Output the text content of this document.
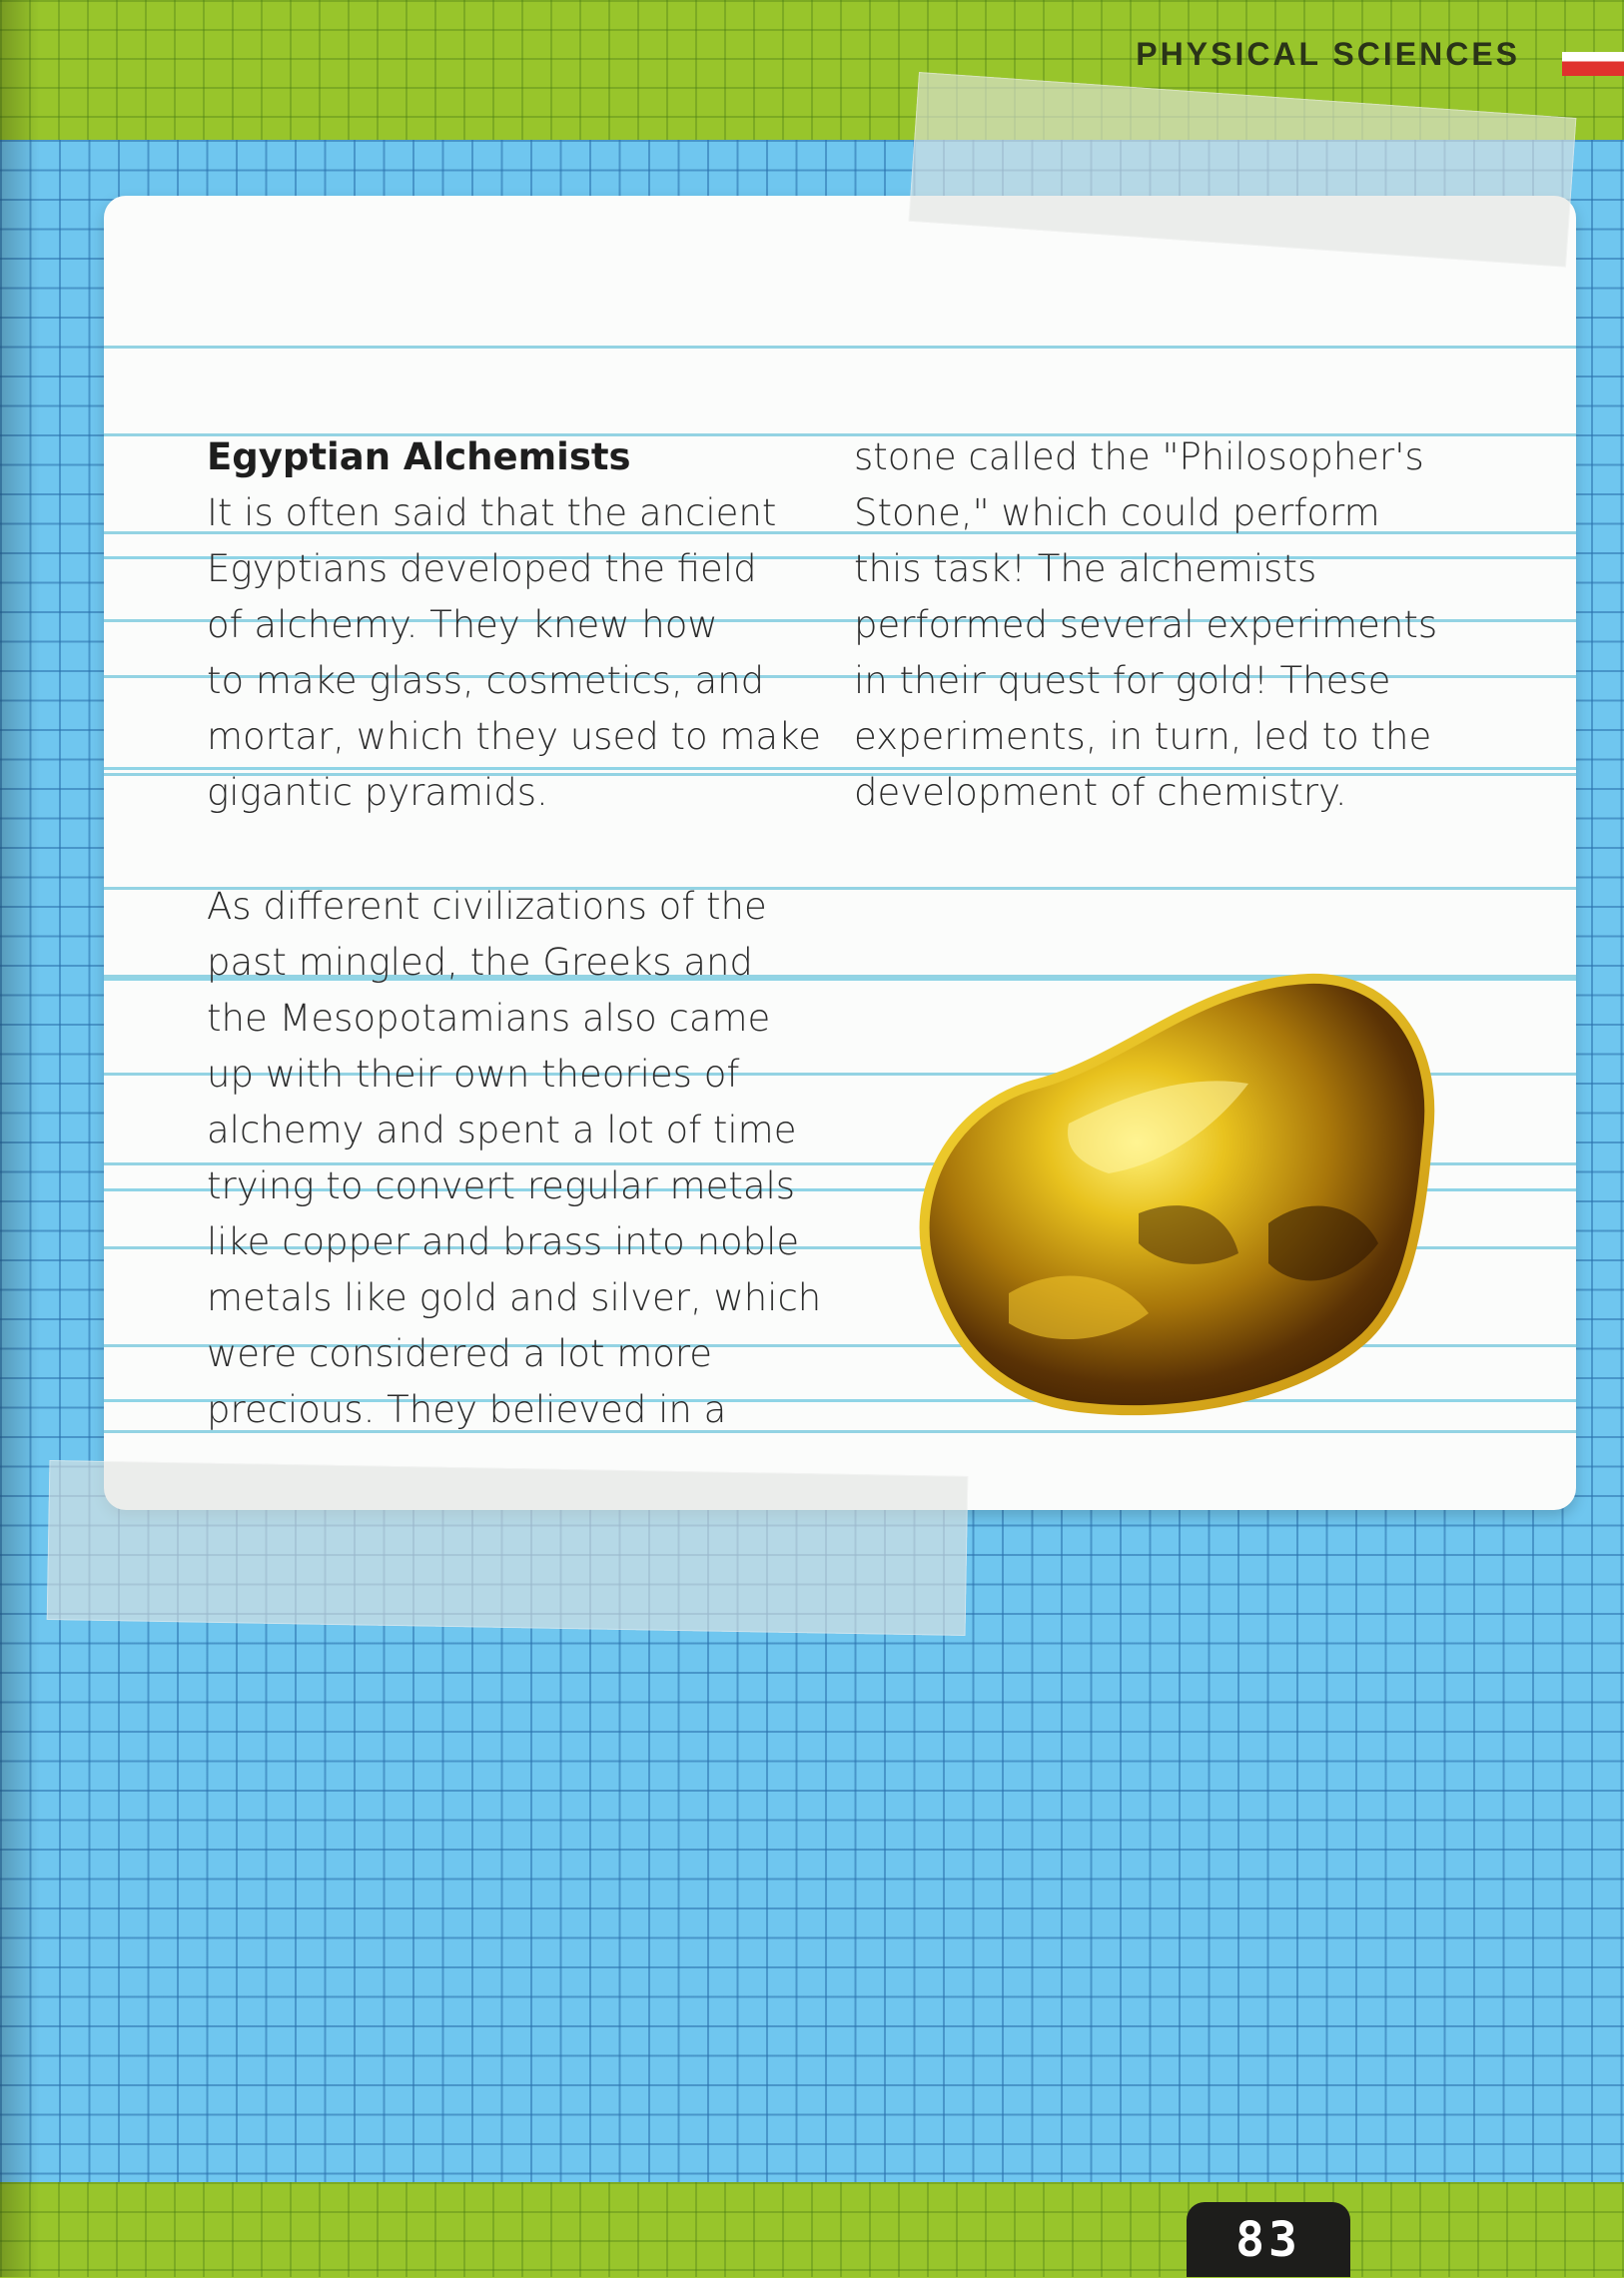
PHYSICAL SCIENCES
Egyptian Alchemists
It is often said that the ancient
Egyptians developed the field
of alchemy. They knew how
to make glass, cosmetics, and
mortar, which they used to make
gigantic pyramids.
As different civilizations of the
past mingled, the Greeks and
the Mesopotamians also came
up with their own theories of
alchemy and spent a lot of time
trying to convert regular metals
like copper and brass into noble
metals like gold and silver, which
were considered a lot more
precious. They believed in a
stone called the "Philosopher's
Stone," which could perform
this task! The alchemists
performed several experiments
in their quest for gold! These
experiments, in turn, led to the
development of chemistry.
83
